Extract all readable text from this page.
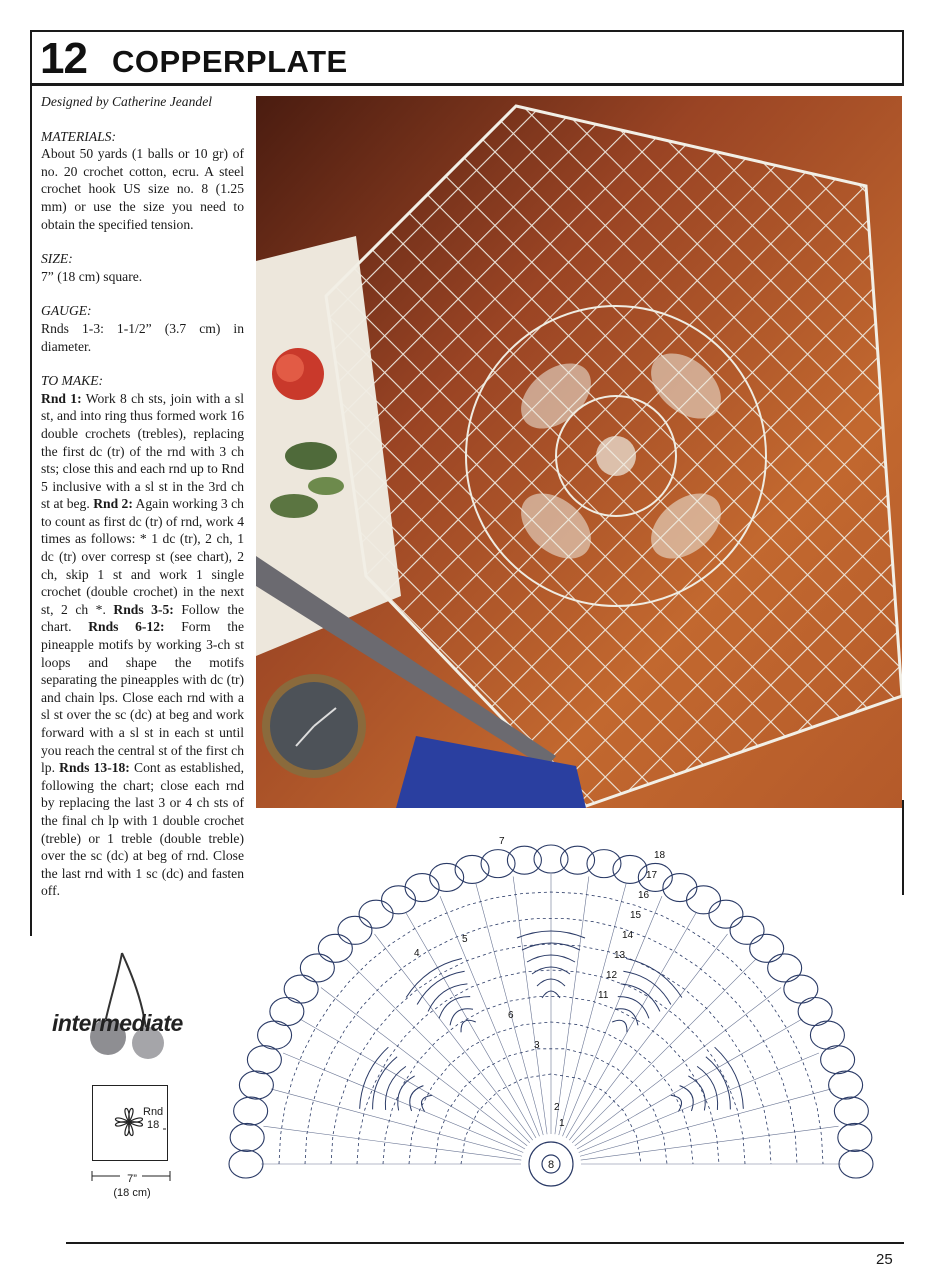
12 COPPERPLATE

Designed by Catherine Jeandel

MATERIALS:
About 50 yards (1 balls or 10 gr) of no. 20 crochet cotton, ecru. A steel crochet hook US size no. 8 (1.25 mm) or use the size you need to obtain the specified tension.
SIZE:
7” (18 cm) square.
GAUGE:
Rnds 1-3: 1-1/2” (3.7 cm) in diameter.
TO MAKE:
Rnd 1: Work 8 ch sts, join with a sl st, and into ring thus formed work 16 double crochets (trebles), replacing the first dc (tr) of the rnd with 3 ch sts; close this and each rnd up to Rnd 5 inclusive with a sl st in the 3rd ch st at beg. Rnd 2: Again working 3 ch to count as first dc (tr) of rnd, work 4 times as follows: * 1 dc (tr), 2 ch, 1 dc (tr) over corresp st (see chart), 2 ch, skip 1 st and work 1 single crochet (double crochet) in the next st, 2 ch *. Rnds 3-5: Follow the chart. Rnds 6-12: Form the pineapple motifs by working 3-ch st loops and shape the motifs separating the pineapples with dc (tr) and chain lps. Close each rnd with a sl st over the sc (dc) at beg and work forward with a sl st in each st until you reach the central st of the first ch lp. Rnds 13-18: Cont as established, following the chart; close each rnd by replacing the last 3 or 4 ch sts of the final ch lp with 1 double crochet (treble) or 1 treble (double treble) over the sc (dc) at beg of rnd. Close the last rnd with 1 sc (dc) and fasten off.
intermediate
Rnd
18
7”
(18 cm)
8
18
17
16
15
14
13
12
11
1
2
3
4
5
6
7
25
